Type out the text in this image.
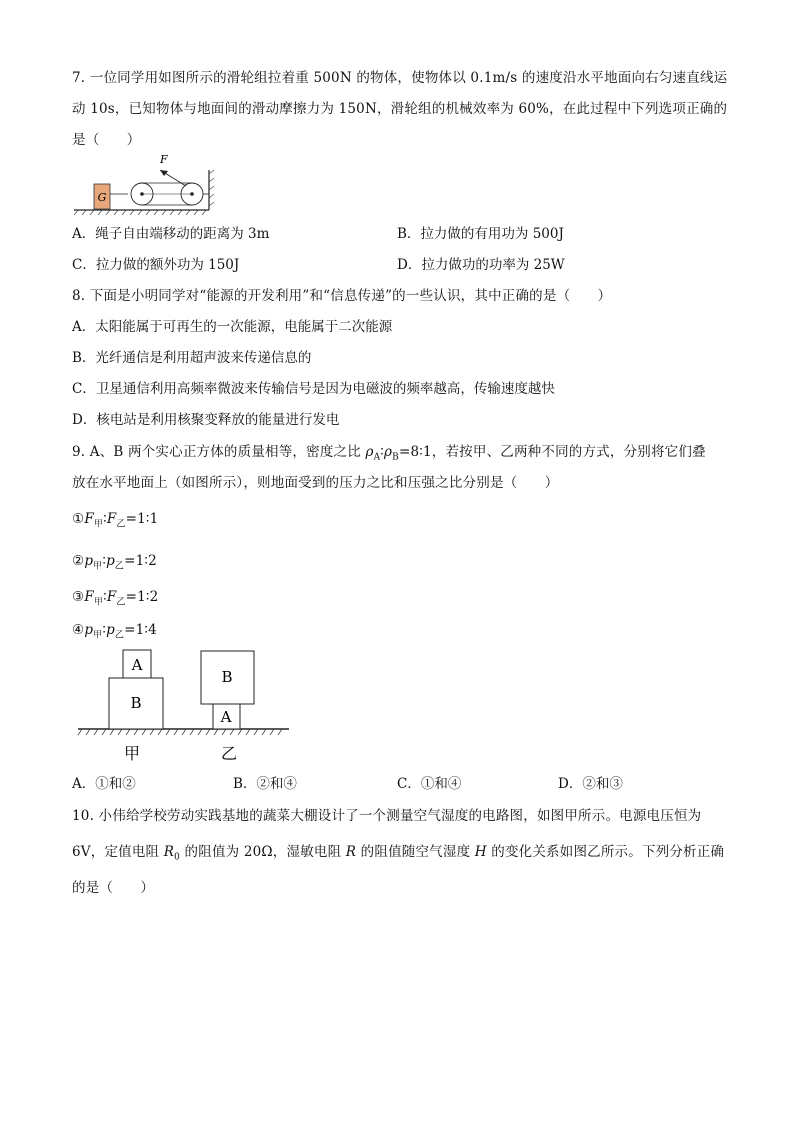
7. 一位同学用如图所示的滑轮组拉着重 500N 的物体，使物体以 0.1m/s 的速度沿水平地面向右匀速直线运
动 10s，已知物体与地面间的滑动摩擦力为 150N，滑轮组的机械效率为 60%，在此过程中下列选项正确的
是（　　）
G
F
A．绳子自由端移动的距离为 3m	B．拉力做的有用功为 500J
C．拉力做的额外功为 150J	D．拉力做功的功率为 25W
8. 下面是小明同学对“能源的开发利用”和“信息传递”的一些认识，其中正确的是（　　）
A．太阳能属于可再生的一次能源，电能属于二次能源
B．光纤通信是利用超声波来传递信息的
C．卫星通信利用高频率微波来传输信号是因为电磁波的频率越高，传输速度越快
D．核电站是利用核聚变释放的能量进行发电
9. A、B 两个实心正方体的质量相等，密度之比 $\rho_A∶\rho_B=8∶1$，若按甲、乙两种不同的方式，分别将它们叠
放在水平地面上（如图所示），则地面受到的压力之比和压强之比分别是（　　）
$①F_甲∶F_乙=1∶1$
$②p_甲∶p_乙=1∶2$
$③F_甲∶F_乙=1∶2$
$④p_甲∶p_乙=1∶4$
A
B
B
A
甲	乙
A．①和②	B．②和④	C．①和④	D．②和③
10. 小伟给学校劳动实践基地的蔬菜大棚设计了一个测量空气湿度的电路图，如图甲所示。电源电压恒为
6V，定值电阻 $R_0$ 的阻值为 20Ω，湿敏电阻 R 的阻值随空气湿度 H 的变化关系如图乙所示。下列分析正确
的是（　　）
